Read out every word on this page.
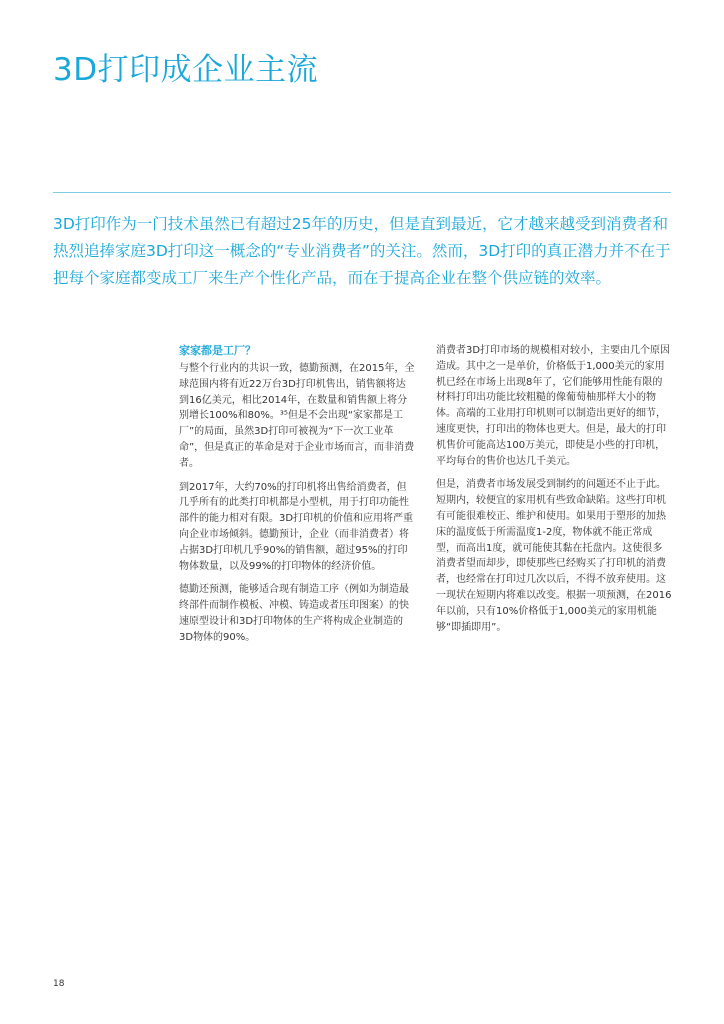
3D打印成企业主流

3D打印作为一门技术虽然已有超过25年的历史，但是直到最近，它才越来越受到消费者和热烈追捧家庭3D打印这一概念的“专业消费者”的关注。然而，3D打印的真正潜力并不在于把每个家庭都变成工厂来生产个性化产品，而在于提高企业在整个供应链的效率。

家家都是工厂？

与整个行业内的共识一致，德勤预测，在2015年，全球范围内将有近22万台3D打印机售出，销售额将达到16亿美元，相比2014年，在数量和销售额上将分别增长100%和80%。³⁵但是不会出现“家家都是工厂”的局面，虽然3D打印可被视为“下一次工业革命”，但是真正的革命是对于企业市场而言，而非消费者。

到2017年，大约70%的打印机将出售给消费者，但几乎所有的此类打印机都是小型机，用于打印功能性部件的能力相对有限。3D打印机的价值和应用将严重向企业市场倾斜。德勤预计，企业（而非消费者）将占据3D打印机几乎90%的销售额，超过95%的打印物体数量，以及99%的打印物体的经济价值。

德勤还预测，能够适合现有制造工序（例如为制造最终部件而制作模板、冲模、铸造或者压印图案）的快速原型设计和3D打印物体的生产将构成企业制造的3D物体的90%。

消费者3D打印市场的规模相对较小，主要由几个原因造成。其中之一是单价，价格低于1,000美元的家用机已经在市场上出现8年了，它们能够用性能有限的材料打印出功能比较粗糙的像葡萄柚那样大小的物体。高端的工业用打印机则可以制造出更好的细节，速度更快，打印出的物体也更大。但是，最大的打印机售价可能高达100万美元，即使是小些的打印机，平均每台的售价也达几千美元。

但是，消费者市场发展受到制约的问题还不止于此。短期内，较便宜的家用机有些致命缺陷。这些打印机有可能很难校正、维护和使用。如果用于塑形的加热床的温度低于所需温度1-2度，物体就不能正常成型，而高出1度，就可能使其黏在托盘内。这使很多消费者望而却步，即使那些已经购买了打印机的消费者，也经常在打印过几次以后，不得不放弃使用。这一现状在短期内将难以改变。根据一项预测，在2016年以前，只有10%价格低于1,000美元的家用机能够“即插即用”。

18
